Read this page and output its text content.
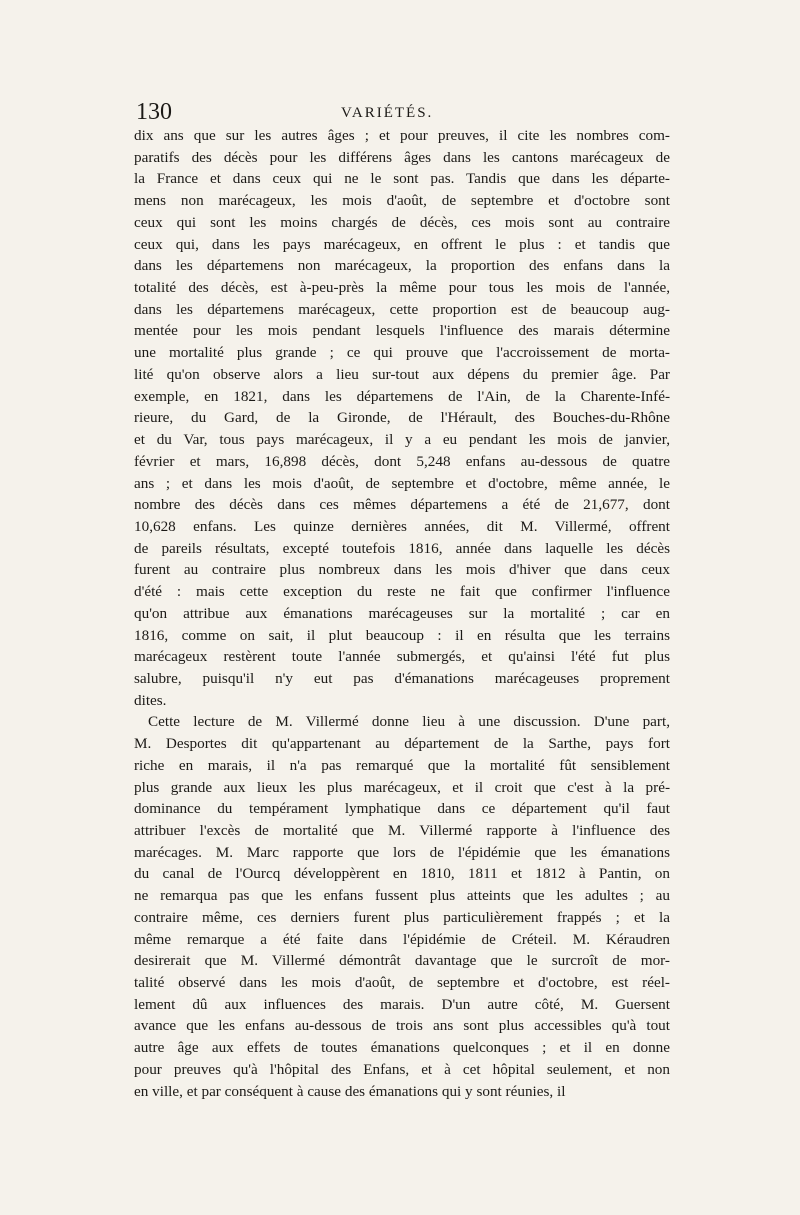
130	VARIÉTÉS.
dix ans que sur les autres âges ; et pour preuves, il cite les nombres com-
paratifs des décès pour les différens âges dans les cantons marécageux de
la France et dans ceux qui ne le sont pas. Tandis que dans les départe-
mens non marécageux, les mois d'août, de septembre et d'octobre sont
ceux qui sont les moins chargés de décès, ces mois sont au contraire
ceux qui, dans les pays marécageux, en offrent le plus : et tandis que
dans les départemens non marécageux, la proportion des enfans dans la
totalité des décès, est à-peu-près la même pour tous les mois de l'année,
dans les départemens marécageux, cette proportion est de beaucoup aug-
mentée pour les mois pendant lesquels l'influence des marais détermine
une mortalité plus grande ; ce qui prouve que l'accroissement de morta-
lité qu'on observe alors a lieu sur-tout aux dépens du premier âge. Par
exemple, en 1821, dans les départemens de l'Ain, de la Charente-Infé-
rieure, du Gard, de la Gironde, de l'Hérault, des Bouches-du-Rhône
et du Var, tous pays marécageux, il y a eu pendant les mois de janvier,
février et mars, 16,898 décès, dont 5,248 enfans au-dessous de quatre
ans ; et dans les mois d'août, de septembre et d'octobre, même année, le
nombre des décès dans ces mêmes départemens a été de 21,677, dont
10,628 enfans. Les quinze dernières années, dit M. Villermé, offrent
de pareils résultats, excepté toutefois 1816, année dans laquelle les décès
furent au contraire plus nombreux dans les mois d'hiver que dans ceux
d'été : mais cette exception du reste ne fait que confirmer l'influence
qu'on attribue aux émanations marécageuses sur la mortalité ; car en
1816, comme on sait, il plut beaucoup : il en résulta que les terrains
marécageux restèrent toute l'année submergés, et qu'ainsi l'été fut plus
salubre, puisqu'il n'y eut pas d'émanations marécageuses proprement
dites.
Cette lecture de M. Villermé donne lieu à une discussion. D'une part,
M. Desportes dit qu'appartenant au département de la Sarthe, pays fort
riche en marais, il n'a pas remarqué que la mortalité fût sensiblement
plus grande aux lieux les plus marécageux, et il croit que c'est à la pré-
dominance du tempérament lymphatique dans ce département qu'il faut
attribuer l'excès de mortalité que M. Villermé rapporte à l'influence des
marécages. M. Marc rapporte que lors de l'épidémie que les émanations
du canal de l'Ourcq développèrent en 1810, 1811 et 1812 à Pantin, on
ne remarqua pas que les enfans fussent plus atteints que les adultes ; au
contraire même, ces derniers furent plus particulièrement frappés ; et la
même remarque a été faite dans l'épidémie de Créteil. M. Kéraudren
desirerait que M. Villermé démontrât davantage que le surcroît de mor-
talité observé dans les mois d'août, de septembre et d'octobre, est réel-
lement dû aux influences des marais. D'un autre côté, M. Guersent
avance que les enfans au-dessous de trois ans sont plus accessibles qu'à tout
autre âge aux effets de toutes émanations quelconques ; et il en donne
pour preuves qu'à l'hôpital des Enfans, et à cet hôpital seulement, et non
en ville, et par conséquent à cause des émanations qui y sont réunies, il
